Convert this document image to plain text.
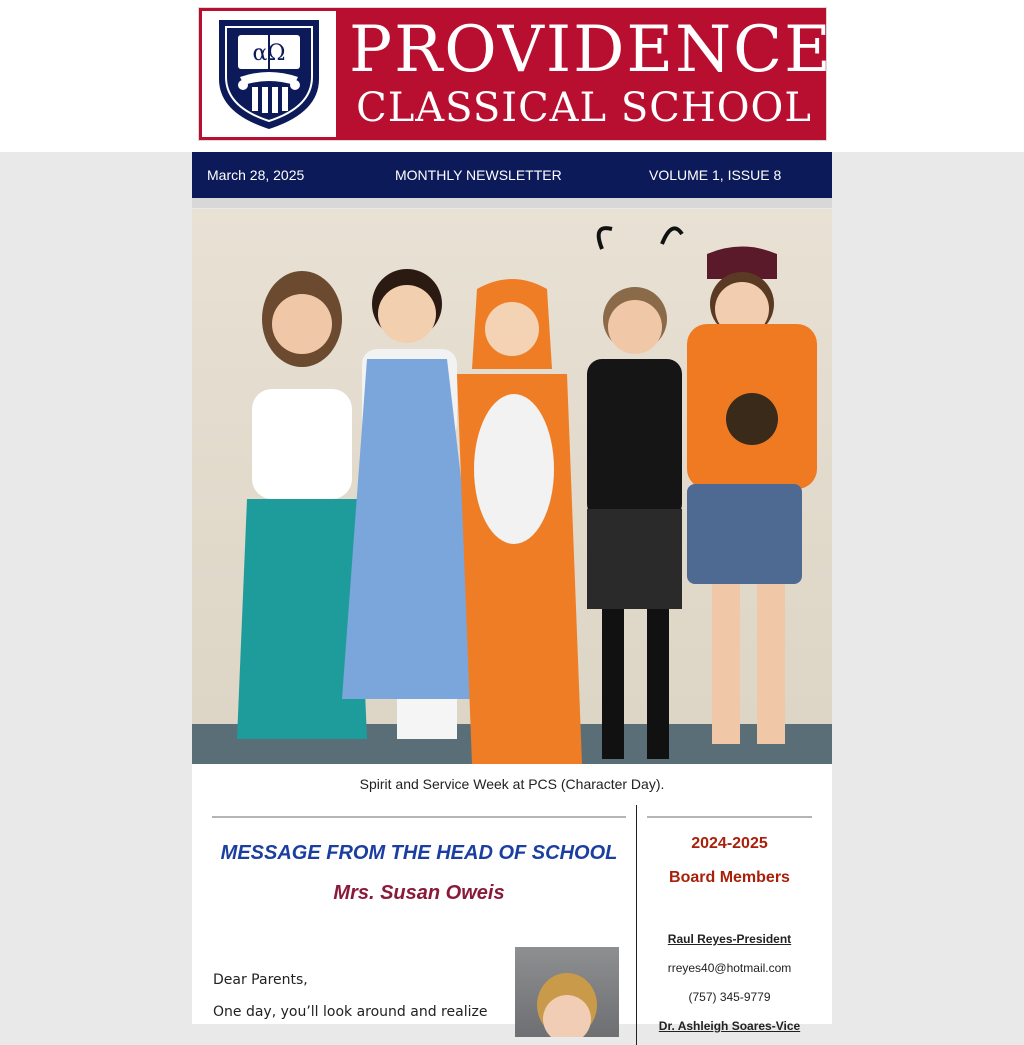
αΩ PROVIDENCE
CLASSICAL SCHOOL
March 28, 2025	MONTHLY NEWSLETTER	VOLUME 1, ISSUE 8
Spirit and Service Week at PCS (Character Day).
MESSAGE FROM THE HEAD OF SCHOOL
Mrs. Susan Oweis
Dear Parents,
One day, you’ll look around and realize
2024-2025
Board Members
Raul Reyes-President
rreyes40@hotmail.com
(757) 345-9779
Dr. Ashleigh Soares-Vice
